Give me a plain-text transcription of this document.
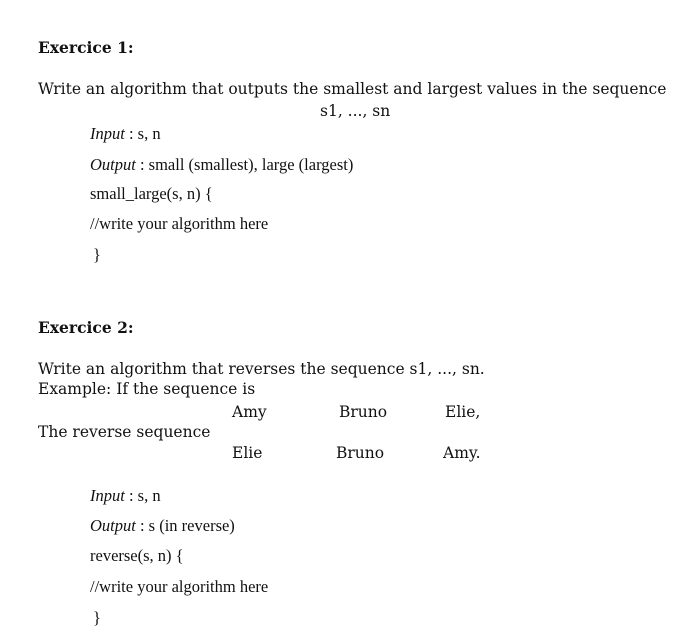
Exercice 1:
Write an algorithm that outputs the smallest and largest values in the sequence
s1, ..., sn
Input : s, n
Output : small (smallest), large (largest)
small_large(s, n) {
//write your algorithm here
}
Exercice 2:
Write an algorithm that reverses the sequence s1, ..., sn.
Example: If the sequence is
Amy	Bruno	Elie,
The reverse sequence
Elie	Bruno	Amy.
Input : s, n
Output : s (in reverse)
reverse(s, n) {
//write your algorithm here
}
